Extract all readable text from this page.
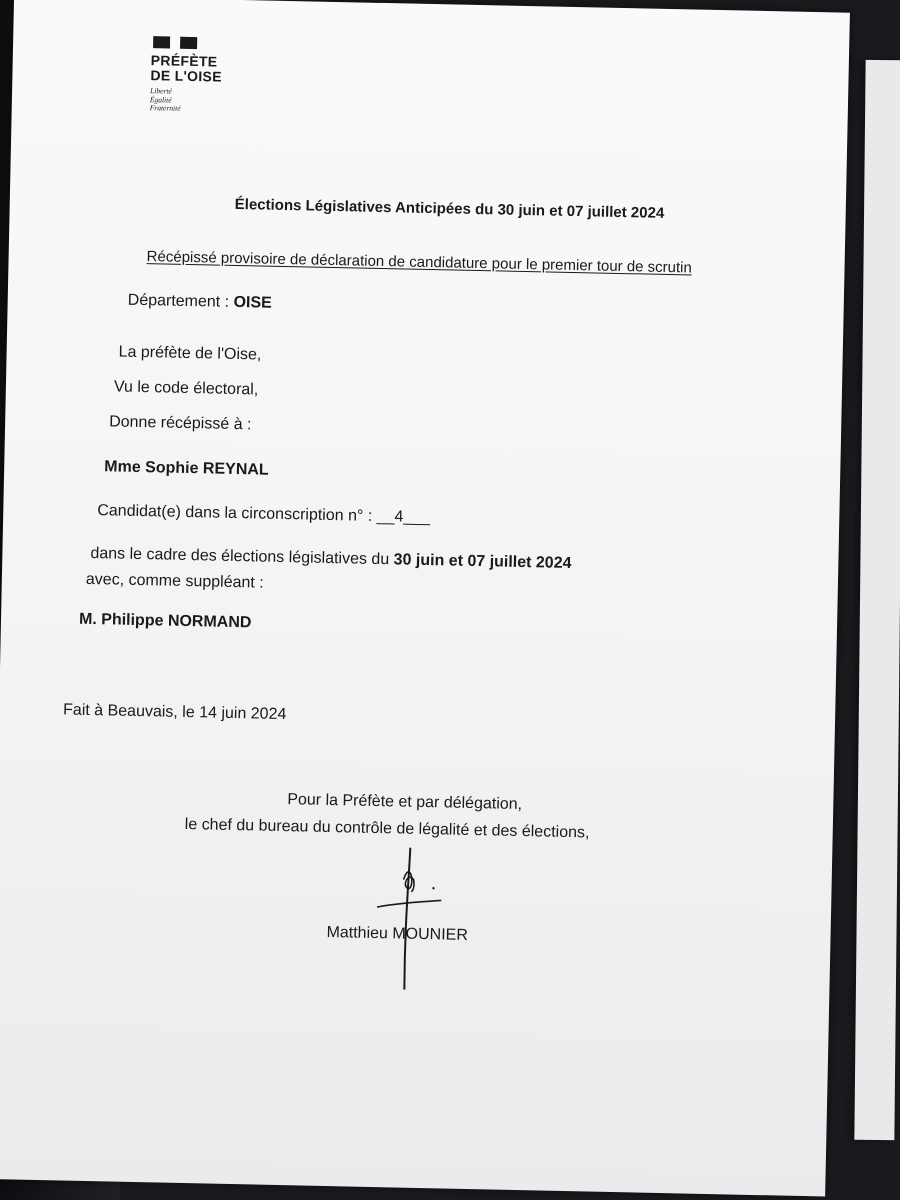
PRÉFÈTE
DE L'OISE
Liberté
Égalité
Fraternité
Élections Législatives Anticipées du 30 juin et 07 juillet 2024
Récépissé provisoire de déclaration de candidature pour le premier tour de scrutin
Département : OISE
La préfète de l'Oise,
Vu le code électoral,
Donne récépissé à :
Mme Sophie REYNAL
Candidat(e) dans la circonscription n° : __4___
dans le cadre des élections législatives du 30 juin et 07 juillet 2024
avec, comme suppléant :
M. Philippe NORMAND
Fait à Beauvais, le 14 juin 2024
Pour la Préfète et par délégation,
le chef du bureau du contrôle de légalité et des élections,
Matthieu MOUNIER
